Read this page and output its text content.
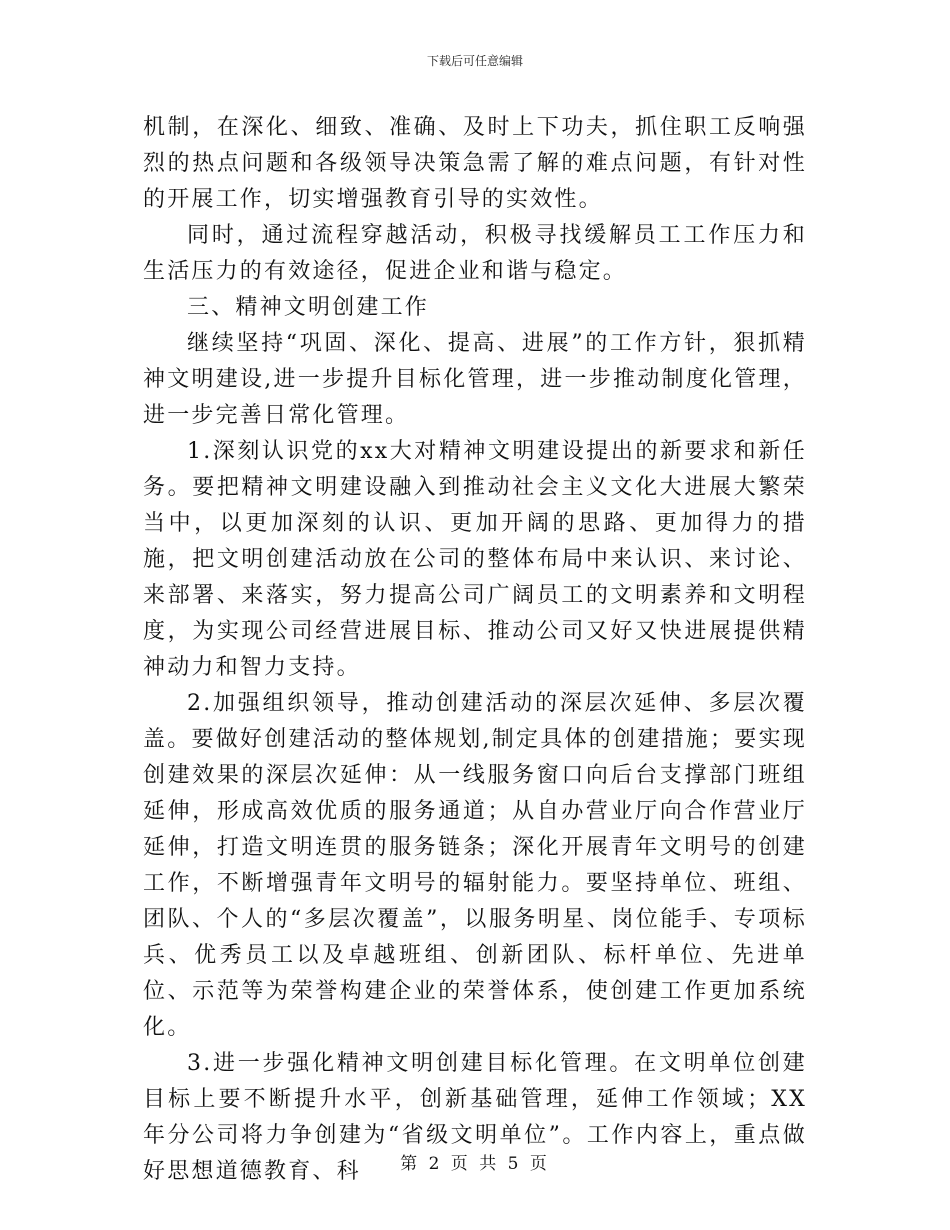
下载后可任意编辑

机制，在深化、细致、准确、及时上下功夫，抓住职工反响强烈的热点问题和各级领导决策急需了解的难点问题，有针对性的开展工作，切实增强教育引导的实效性。

同时，通过流程穿越活动，积极寻找缓解员工工作压力和生活压力的有效途径，促进企业和谐与稳定。

三、精神文明创建工作

继续坚持“巩固、深化、提高、进展”的工作方针，狠抓精神文明建设,进一步提升目标化管理，进一步推动制度化管理，进一步完善日常化管理。

1.深刻认识党的xx大对精神文明建设提出的新要求和新任务。要把精神文明建设融入到推动社会主义文化大进展大繁荣当中，以更加深刻的认识、更加开阔的思路、更加得力的措施，把文明创建活动放在公司的整体布局中来认识、来讨论、来部署、来落实，努力提高公司广阔员工的文明素养和文明程度，为实现公司经营进展目标、推动公司又好又快进展提供精神动力和智力支持。

2.加强组织领导，推动创建活动的深层次延伸、多层次覆盖。要做好创建活动的整体规划,制定具体的创建措施；要实现创建效果的深层次延伸：从一线服务窗口向后台支撑部门班组延伸，形成高效优质的服务通道；从自办营业厅向合作营业厅延伸，打造文明连贯的服务链条；深化开展青年文明号的创建工作，不断增强青年文明号的辐射能力。要坚持单位、班组、团队、个人的“多层次覆盖”，以服务明星、岗位能手、专项标兵、优秀员工以及卓越班组、创新团队、标杆单位、先进单位、示范等为荣誉构建企业的荣誉体系，使创建工作更加系统化。

3.进一步强化精神文明创建目标化管理。在文明单位创建目标上要不断提升水平，创新基础管理，延伸工作领域；XX年分公司将力争创建为“省级文明单位”。工作内容上，重点做好思想道德教育、科	第 2 页 共 5 页
